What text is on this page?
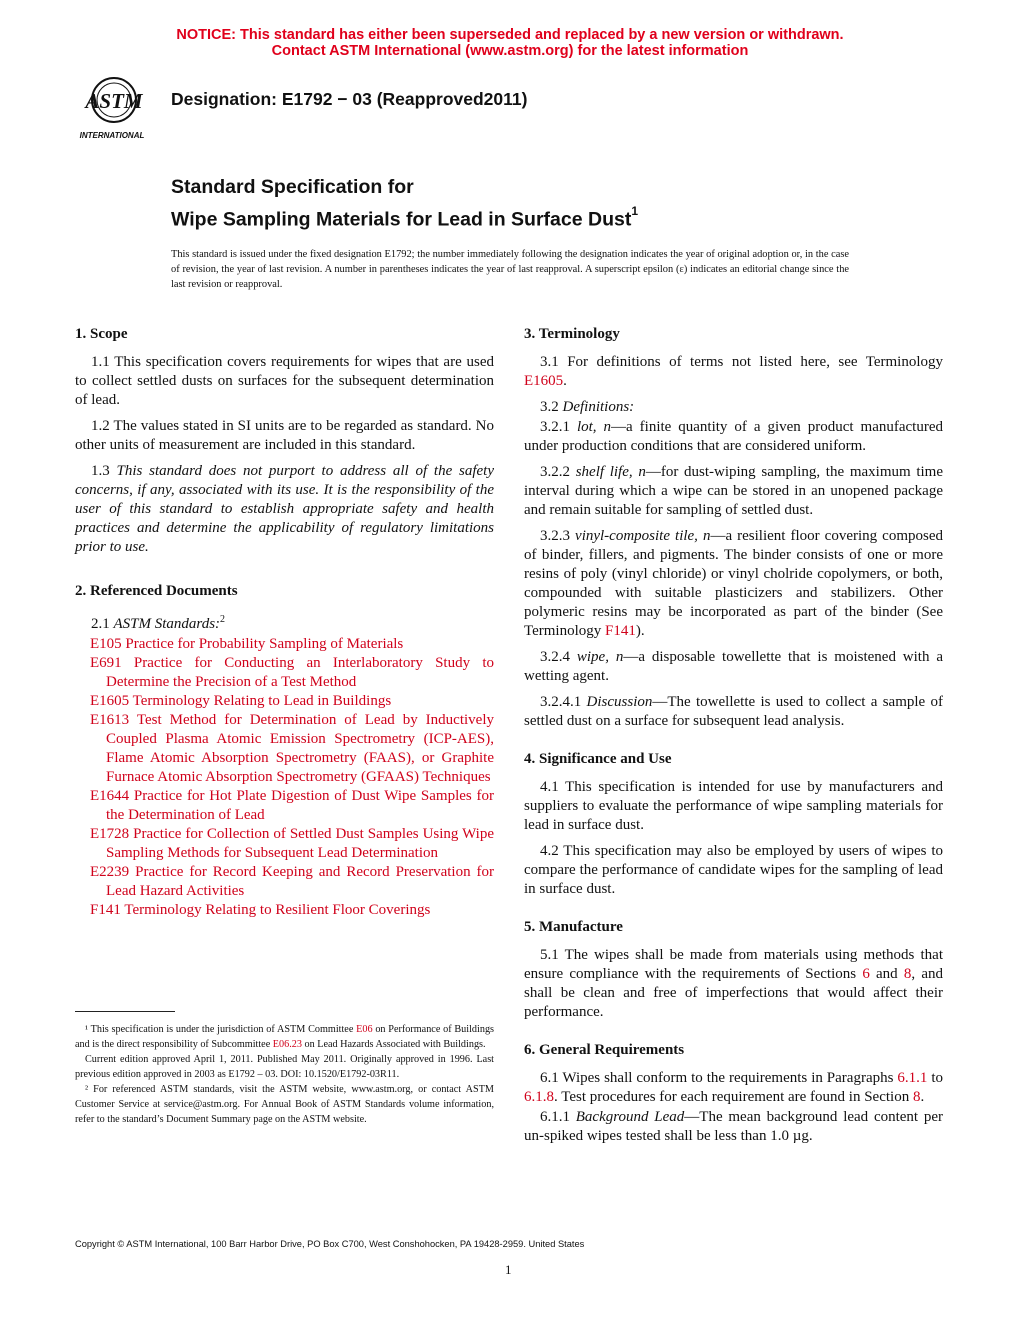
NOTICE: This standard has either been superseded and replaced by a new version or withdrawn.
Contact ASTM International (www.astm.org) for the latest information
ASTM
INTERNATIONAL
Designation: E1792 − 03 (Reapproved2011)
Standard Specification for
Wipe Sampling Materials for Lead in Surface Dust$^1$
This standard is issued under the fixed designation E1792; the number immediately following the designation indicates the year of original adoption or, in the case of revision, the year of last revision. A number in parentheses indicates the year of last reapproval. A superscript epsilon (ε) indicates an editorial change since the last revision or reapproval.
1. Scope

1.1 This specification covers requirements for wipes that are used to collect settled dusts on surfaces for the subsequent determination of lead.

1.2 The values stated in SI units are to be regarded as standard. No other units of measurement are included in this standard.

1.3 This standard does not purport to address all of the safety concerns, if any, associated with its use. It is the responsibility of the user of this standard to establish appropriate safety and health practices and determine the applicability of regulatory limitations prior to use.

2. Referenced Documents

2.1 ASTM Standards:$^2$

E105 Practice for Probability Sampling of Materials

E691 Practice for Conducting an Interlaboratory Study to Determine the Precision of a Test Method

E1605 Terminology Relating to Lead in Buildings

E1613 Test Method for Determination of Lead by Inductively Coupled Plasma Atomic Emission Spectrometry (ICP-AES), Flame Atomic Absorption Spectrometry (FAAS), or Graphite Furnace Atomic Absorption Spectrometry (GFAAS) Techniques

E1644 Practice for Hot Plate Digestion of Dust Wipe Samples for the Determination of Lead

E1728 Practice for Collection of Settled Dust Samples Using Wipe Sampling Methods for Subsequent Lead Determination

E2239 Practice for Record Keeping and Record Preservation for Lead Hazard Activities

F141 Terminology Relating to Resilient Floor Coverings

¹ This specification is under the jurisdiction of ASTM Committee E06 on Performance of Buildings and is the direct responsibility of Subcommittee E06.23 on Lead Hazards Associated with Buildings.

Current edition approved April 1, 2011. Published May 2011. Originally approved in 1996. Last previous edition approved in 2003 as E1792 – 03. DOI: 10.1520/E1792-03R11.

² For referenced ASTM standards, visit the ASTM website, www.astm.org, or contact ASTM Customer Service at service@astm.org. For Annual Book of ASTM Standards volume information, refer to the standard’s Document Summary page on the ASTM website.

3. Terminology

3.1 For definitions of terms not listed here, see Terminology E1605.

3.2 Definitions:

3.2.1 lot, n—a finite quantity of a given product manufactured under production conditions that are considered uniform.

3.2.2 shelf life, n—for dust-wiping sampling, the maximum time interval during which a wipe can be stored in an unopened package and remain suitable for sampling of settled dust.

3.2.3 vinyl-composite tile, n—a resilient floor covering composed of binder, fillers, and pigments. The binder consists of one or more resins of poly (vinyl chloride) or vinyl cholride copolymers, or both, compounded with suitable plasticizers and stabilizers. Other polymeric resins may be incorporated as part of the binder (See Terminology F141).

3.2.4 wipe, n—a disposable towellette that is moistened with a wetting agent.

3.2.4.1 Discussion—The towellette is used to collect a sample of settled dust on a surface for subsequent lead analysis.

4. Significance and Use

4.1 This specification is intended for use by manufacturers and suppliers to evaluate the performance of wipe sampling materials for lead in surface dust.

4.2 This specification may also be employed by users of wipes to compare the performance of candidate wipes for the sampling of lead in surface dust.

5. Manufacture

5.1 The wipes shall be made from materials using methods that ensure compliance with the requirements of Sections 6 and 8, and shall be clean and free of imperfections that would affect their performance.

6. General Requirements

6.1 Wipes shall conform to the requirements in Paragraphs 6.1.1 to 6.1.8. Test procedures for each requirement are found in Section 8.

6.1.1 Background Lead—The mean background lead content per un-spiked wipes tested shall be less than 1.0 µg.

Copyright © ASTM International, 100 Barr Harbor Drive, PO Box C700, West Conshohocken, PA 19428-2959. United States
1
